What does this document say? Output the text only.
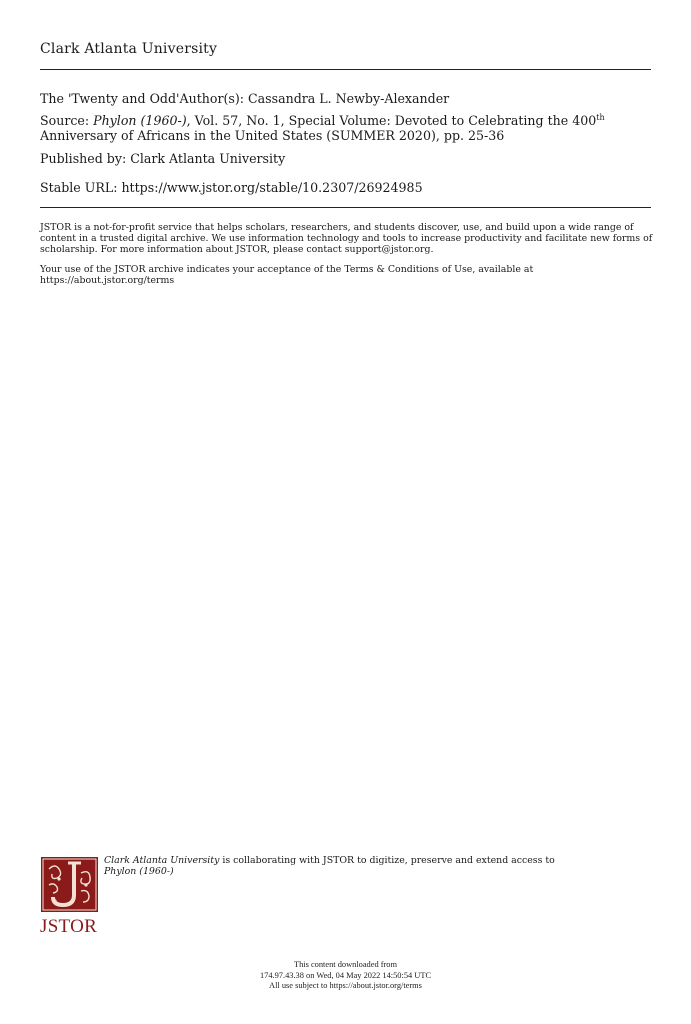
Clark Atlanta University
The 'Twenty and Odd'Author(s): Cassandra L. Newby-Alexander
Source: Phylon (1960-), Vol. 57, No. 1, Special Volume: Devoted to Celebrating the 400th
Anniversary of Africans in the United States (SUMMER 2020), pp. 25-36
Published by: Clark Atlanta University
Stable URL: https://www.jstor.org/stable/10.2307/26924985
JSTOR is a not-for-profit service that helps scholars, researchers, and students discover, use, and build upon a wide range of content in a trusted digital archive. We use information technology and tools to increase productivity and facilitate new forms of scholarship. For more information about JSTOR, please contact support@jstor.org.
Your use of the JSTOR archive indicates your acceptance of the Terms & Conditions of Use, available at https://about.jstor.org/terms
Clark Atlanta University is collaborating with JSTOR to digitize, preserve and extend access to
Phylon (1960-)
JSTOR
This content downloaded from
174.97.43.38 on Wed, 04 May 2022 14:50:54 UTC
All use subject to https://about.jstor.org/terms
